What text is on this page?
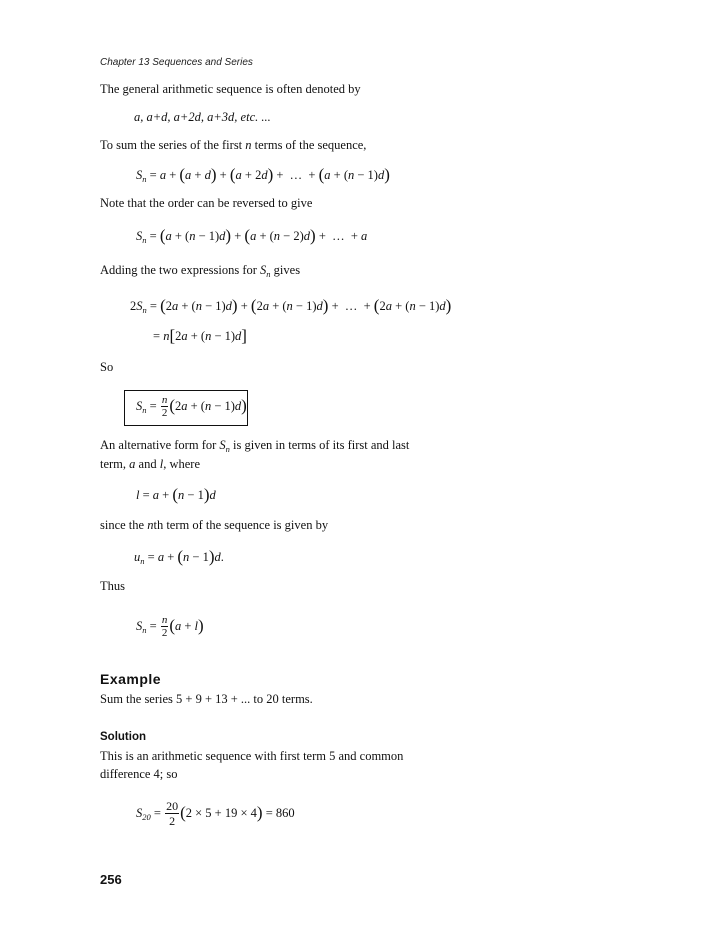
Chapter 13 Sequences and Series
The general arithmetic sequence is often denoted by
a, a+d, a+2d, a+3d, etc. ...
To sum the series of the first n terms of the sequence,
$S_n = a + (a + d) + (a + 2d)$ +  …  + (a + (n − 1)d)
Note that the order can be reversed to give
$S_n = (a + (n - 1)d) + (a + (n - 2)d)$ +  …  + a
Adding the two expressions for $S_n$ gives
$2S_n = (2a + (n - 1)d) + (2a + (n - 1)d)$ +  …  + (2a + (n − 1)d)
= n[2a + (n − 1)d]
So
$S_n = \frac{n}{2} (2a + (n - 1)d)$
An alternative form for $S_n$ is given in terms of its first and last
term, a and l, where
l = a + (n − 1)d
since the nth term of the sequence is given by
$u_n = a + (n - 1)d$.
Thus
$S_n = \frac{n}{2} (a + l)$
Example
Sum the series 5 + 9 + 13 + ... to 20 terms.
Solution
This is an arithmetic sequence with first term 5 and common
difference 4; so
$S_{20} = \frac{20}{2} (2 \times 5 + 19 \times 4) = 860$
256
